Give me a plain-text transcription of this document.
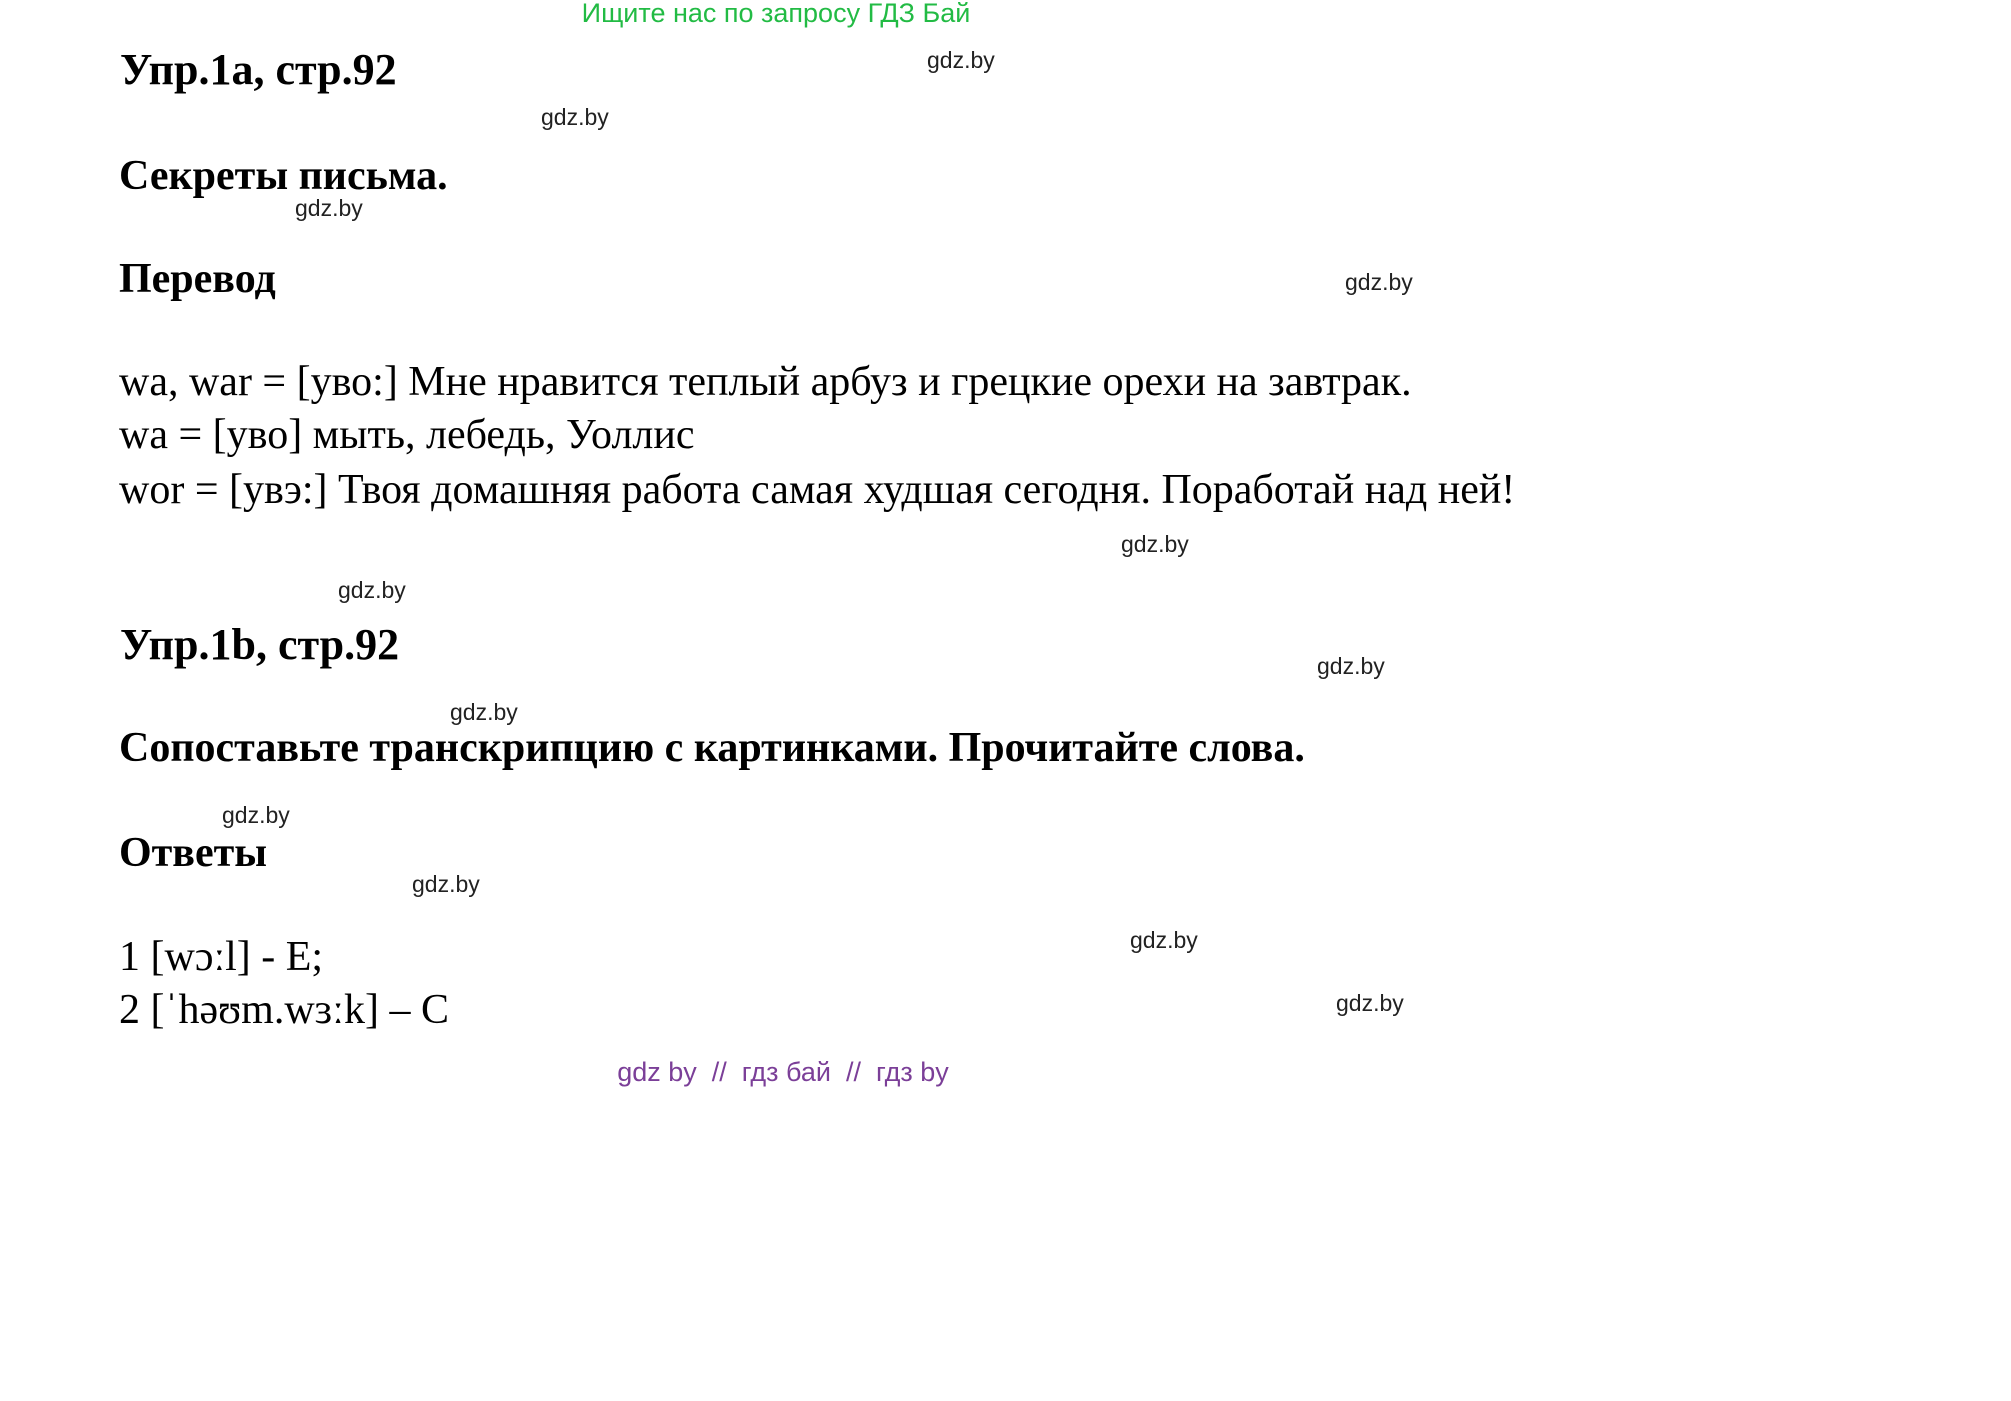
Ищите нас по запросу ГДЗ Бай
Упр.1а, стр.92
Секреты письма.
Перевод
wa, war = [уво:] Мне нравится теплый арбуз и грецкие орехи на завтрак.
wa = [уво] мыть, лебедь, Уоллис
wor = [увэ:] Твоя домашняя работа самая худшая сегодня. Поработай над ней!
Упр.1b, стр.92
Сопоставьте транскрипцию с картинками. Прочитайте слова.
Ответы
1 [wɔːl] - E;
2 [ˈhəʊm.wɜːk] – C
gdz.by
gdz.by
gdz.by
gdz.by
gdz.by
gdz.by
gdz.by
gdz.by
gdz.by
gdz.by
gdz.by
gdz.by
gdz by  //  гдз бай  //  гдз by
